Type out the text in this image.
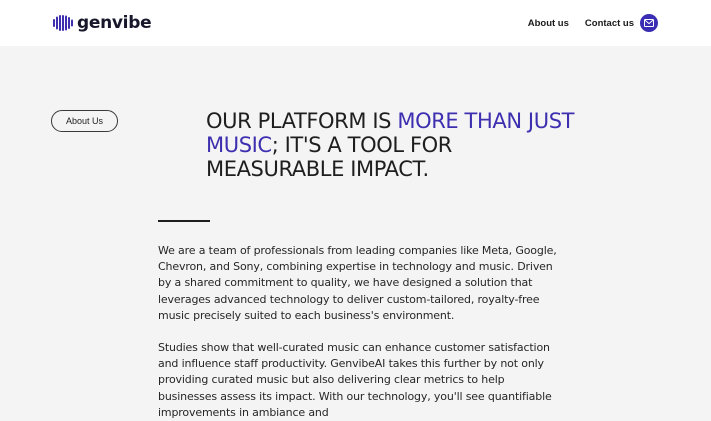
genvibe	About us Contact us
About Us	OUR PLATFORM IS MORE THAN JUST MUSIC; IT'S A TOOL FOR MEASURABLE IMPACT.

We are a team of professionals from leading companies like Meta, Google, Chevron, and Sony, combining expertise in technology and music. Driven by a shared commitment to quality, we have designed a solution that leverages advanced technology to deliver custom-tailored, royalty-free music precisely suited to each business's environment.

Studies show that well-curated music can enhance customer satisfaction and influence staff productivity. GenvibeAI takes this further by not only providing curated music but also delivering clear metrics to help businesses assess its impact. With our technology, you'll see quantifiable improvements in ambiance and
